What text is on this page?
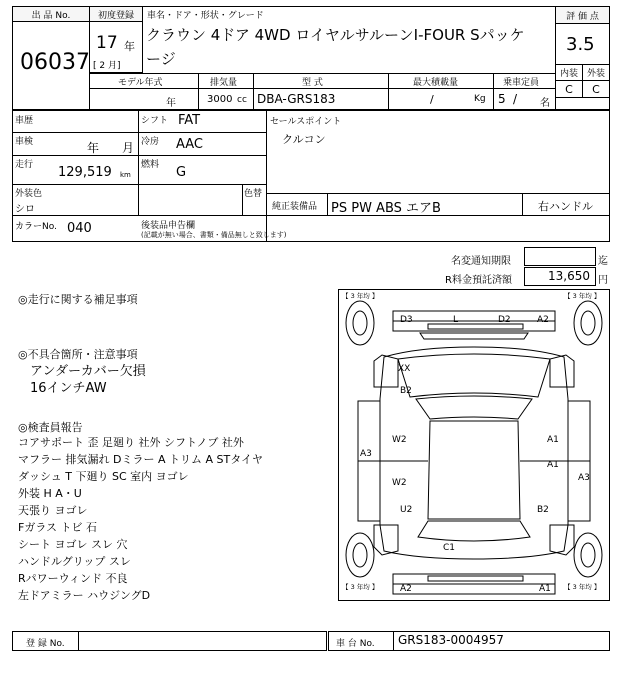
出 品 No.
06037
初度登録
17 年
[ 2 月]
車名・ドア・形状・グレード
クラウン 4ドア 4WD ロイヤルサルーンI-FOUR Sパッケ
ージ
評 価 点
3.5
内装 外装
C	C
モデル年式	排気量	型 式	最大積載量	乗車定員
年	3000 cc DBA-GRS183	/	Kg 5 / 名
車歴	シフト FAT
車検	年 月 冷房 AAC
走行 129,519 km
燃料 G
外装色
シロ
色替
カラーNo. 040	後装品申告欄
(記載が無い場合、書類・備品無しと致します)
セールスポイント
クルコン
純正装備品 PS PW ABS エアB	右ハンドル
名変通知期限	迄
R料金預託済額	13,650 円
◎走行に関する補足事項
◎不具合箇所・注意事項
アンダーカバー欠損
16インチAW
◎検査員報告
コアサポート 歪 足廻り 社外 シフトノブ 社外
マフラー 排気漏れ Dミラー A トリム A STタイヤ
ダッシュ T 下廻り SC 室内 ヨゴレ
外装 H A・U
天張り ヨゴレ
Fガラス トビ 石
シート ヨゴレ スレ 穴
ハンドルグリップ スレ
Rパワーウィンド 不良
左ドアミラー ハウジングD
【 3 年均 】	【 3 年均 】
【 3 年均 】	【 3 年均 】
D3	L	D2	A2
XX
B2
W2
A3
W2
U2
A1
A1
A3
B2
C1
A2	A1
登 録 No.	車 台 No. GRS183-0004957
